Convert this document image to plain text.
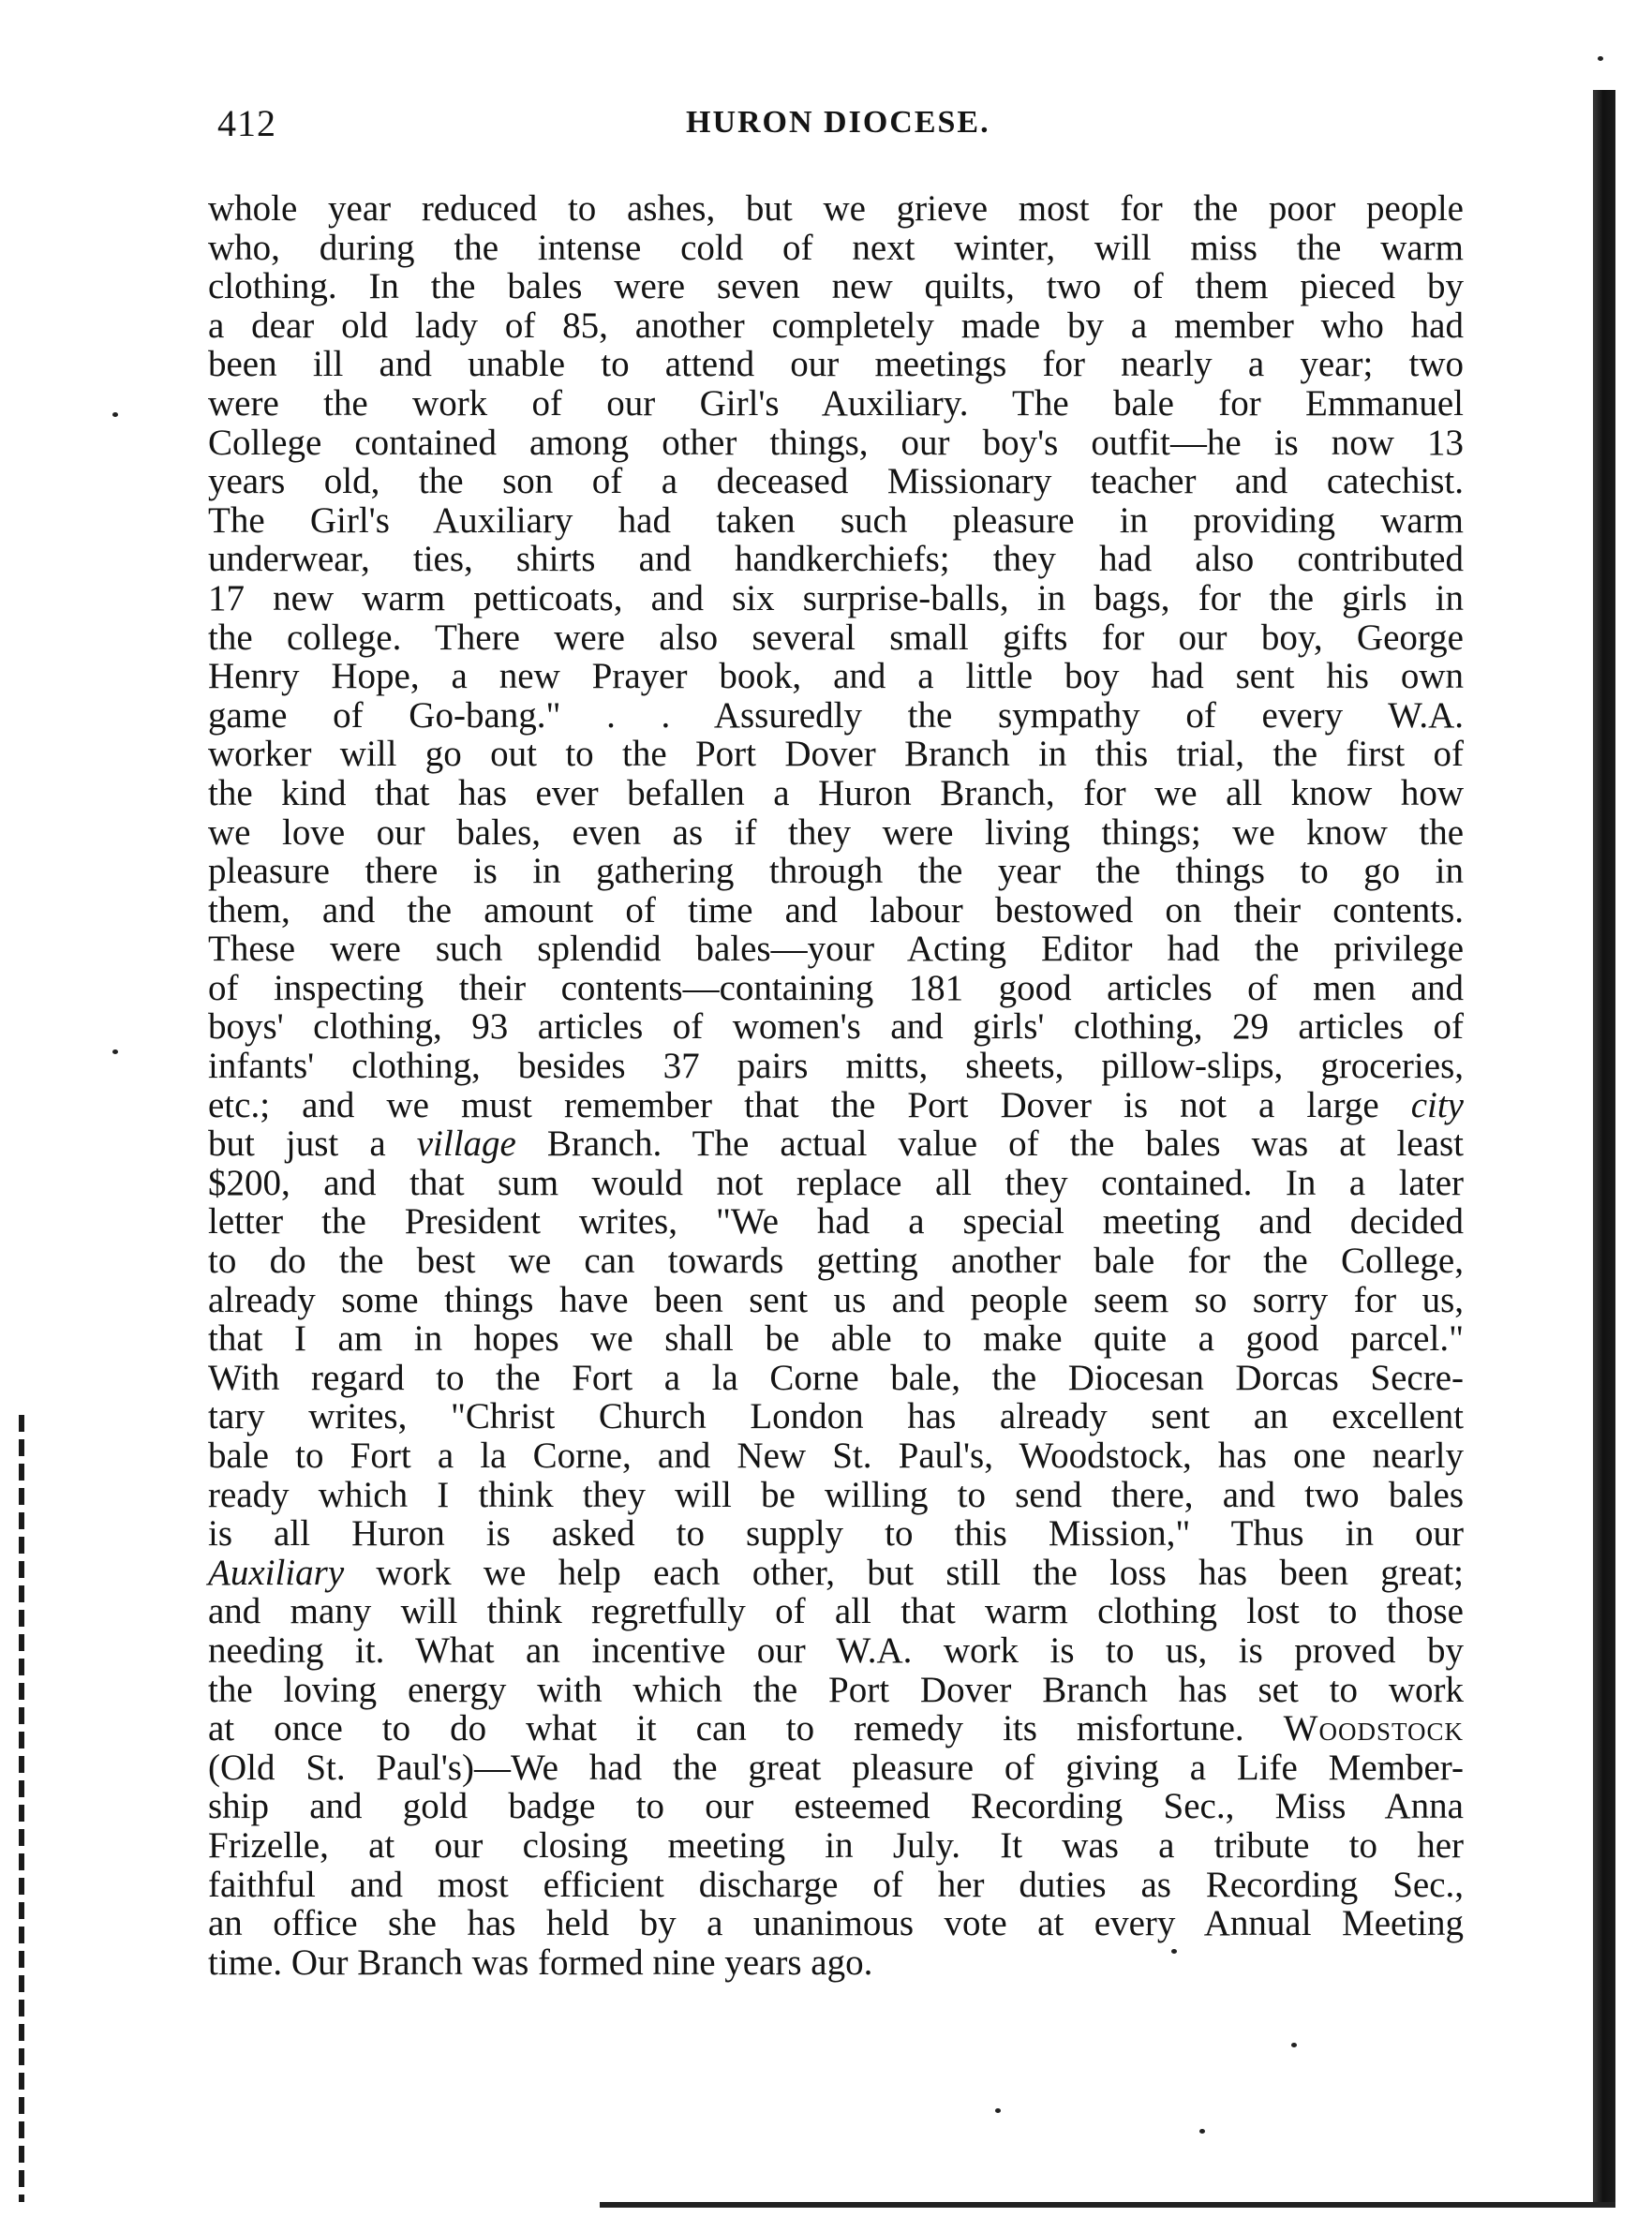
412	HURON DIOCESE.
whole year reduced to ashes, but we grieve most for the poor people
who, during the intense cold of next winter, will miss the warm
clothing. In the bales were seven new quilts, two of them pieced by
a dear old lady of 85, another completely made by a member who had
been ill and unable to attend our meetings for nearly a year; two
were the work of our Girl's Auxiliary. The bale for Emmanuel
College contained among other things, our boy's outfit—he is now 13
years old, the son of a deceased Missionary teacher and catechist.
The Girl's Auxiliary had taken such pleasure in providing warm
underwear, ties, shirts and handkerchiefs; they had also contributed
17 new warm petticoats, and six surprise-balls, in bags, for the girls in
the college. There were also several small gifts for our boy, George
Henry Hope, a new Prayer book, and a little boy had sent his own
game of Go-bang." . . Assuredly the sympathy of every W.A.
worker will go out to the Port Dover Branch in this trial, the first of
the kind that has ever befallen a Huron Branch, for we all know how
we love our bales, even as if they were living things; we know the
pleasure there is in gathering through the year the things to go in
them, and the amount of time and labour bestowed on their contents.
These were such splendid bales—your Acting Editor had the privilege
of inspecting their contents—containing 181 good articles of men and
boys' clothing, 93 articles of women's and girls' clothing, 29 articles of
infants' clothing, besides 37 pairs mitts, sheets, pillow-slips, groceries,
etc.; and we must remember that the Port Dover is not a large city
but just a village Branch. The actual value of the bales was at least
$200, and that sum would not replace all they contained. In a later
letter the President writes, "We had a special meeting and decided
to do the best we can towards getting another bale for the College,
already some things have been sent us and people seem so sorry for us,
that I am in hopes we shall be able to make quite a good parcel."
With regard to the Fort a la Corne bale, the Diocesan Dorcas Secre-
tary writes, "Christ Church London has already sent an excellent
bale to Fort a la Corne, and New St. Paul's, Woodstock, has one nearly
ready which I think they will be willing to send there, and two bales
is all Huron is asked to supply to this Mission," Thus in our
Auxiliary work we help each other, but still the loss has been great;
and many will think regretfully of all that warm clothing lost to those
needing it. What an incentive our W.A. work is to us, is proved by
the loving energy with which the Port Dover Branch has set to work
at once to do what it can to remedy its misfortune. Woodstock
(Old St. Paul's)—We had the great pleasure of giving a Life Member-
ship and gold badge to our esteemed Recording Sec., Miss Anna
Frizelle, at our closing meeting in July. It was a tribute to her
faithful and most efficient discharge of her duties as Recording Sec.,
an office she has held by a unanimous vote at every Annual Meeting
time. Our Branch was formed nine years ago.
